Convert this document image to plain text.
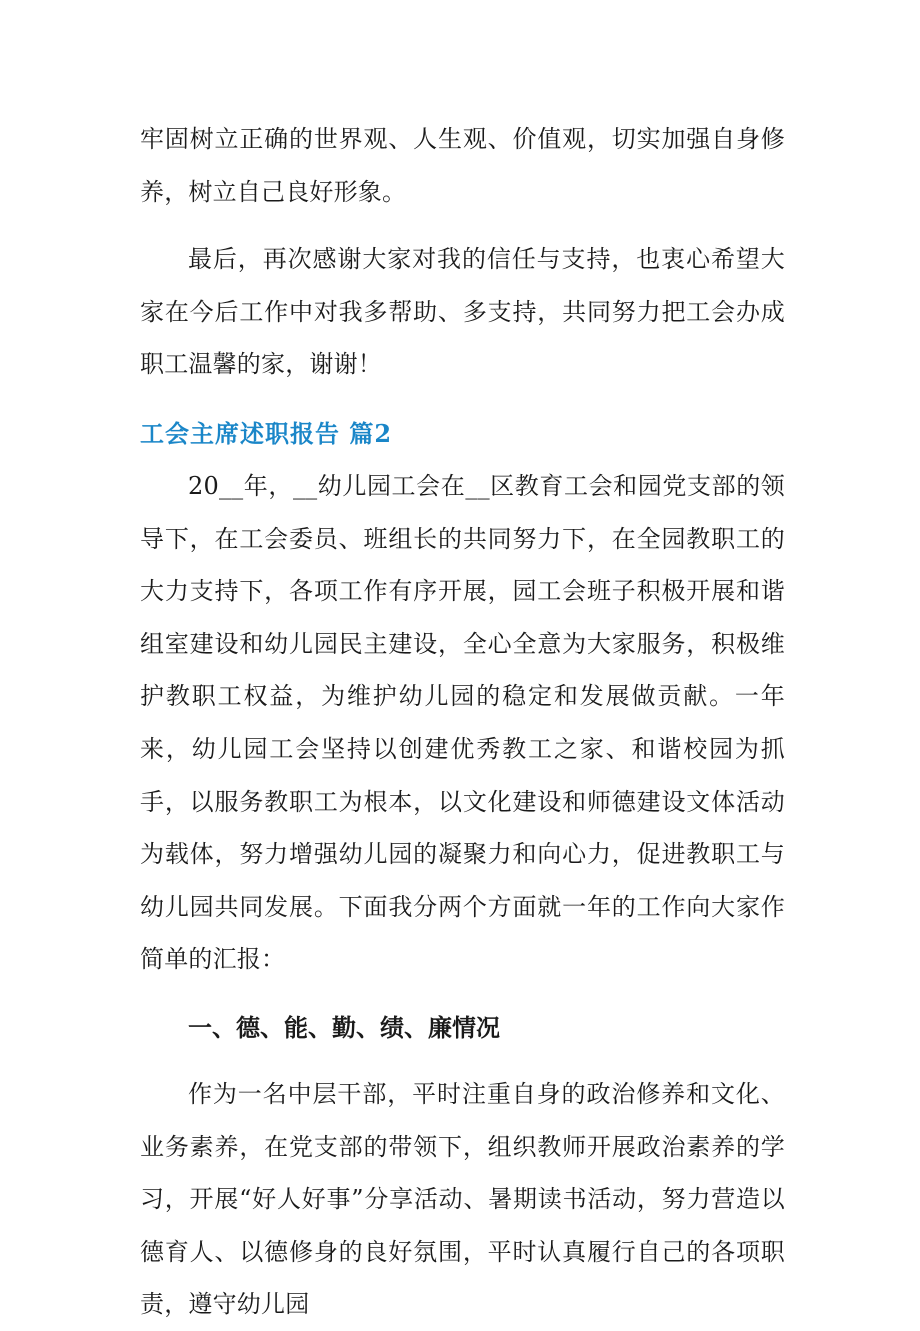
牢固树立正确的世界观、人生观、价值观，切实加强自身修养，树立自己良好形象。

最后，再次感谢大家对我的信任与支持，也衷心希望大家在今后工作中对我多帮助、多支持，共同努力把工会办成职工温馨的家，谢谢！

工会主席述职报告 篇2

20__年，__幼儿园工会在__区教育工会和园党支部的领导下，在工会委员、班组长的共同努力下，在全园教职工的大力支持下，各项工作有序开展，园工会班子积极开展和谐组室建设和幼儿园民主建设，全心全意为大家服务，积极维护教职工权益，为维护幼儿园的稳定和发展做贡献。一年来，幼儿园工会坚持以创建优秀教工之家、和谐校园为抓手，以服务教职工为根本，以文化建设和师德建设文体活动为载体，努力增强幼儿园的凝聚力和向心力，促进教职工与幼儿园共同发展。下面我分两个方面就一年的工作向大家作简单的汇报：

一、德、能、勤、绩、廉情况

作为一名中层干部，平时注重自身的政治修养和文化、业务素养，在党支部的带领下，组织教师开展政治素养的学习，开展“好人好事”分享活动、暑期读书活动，努力营造以德育人、以德修身的良好氛围，平时认真履行自己的各项职责，遵守幼儿园
